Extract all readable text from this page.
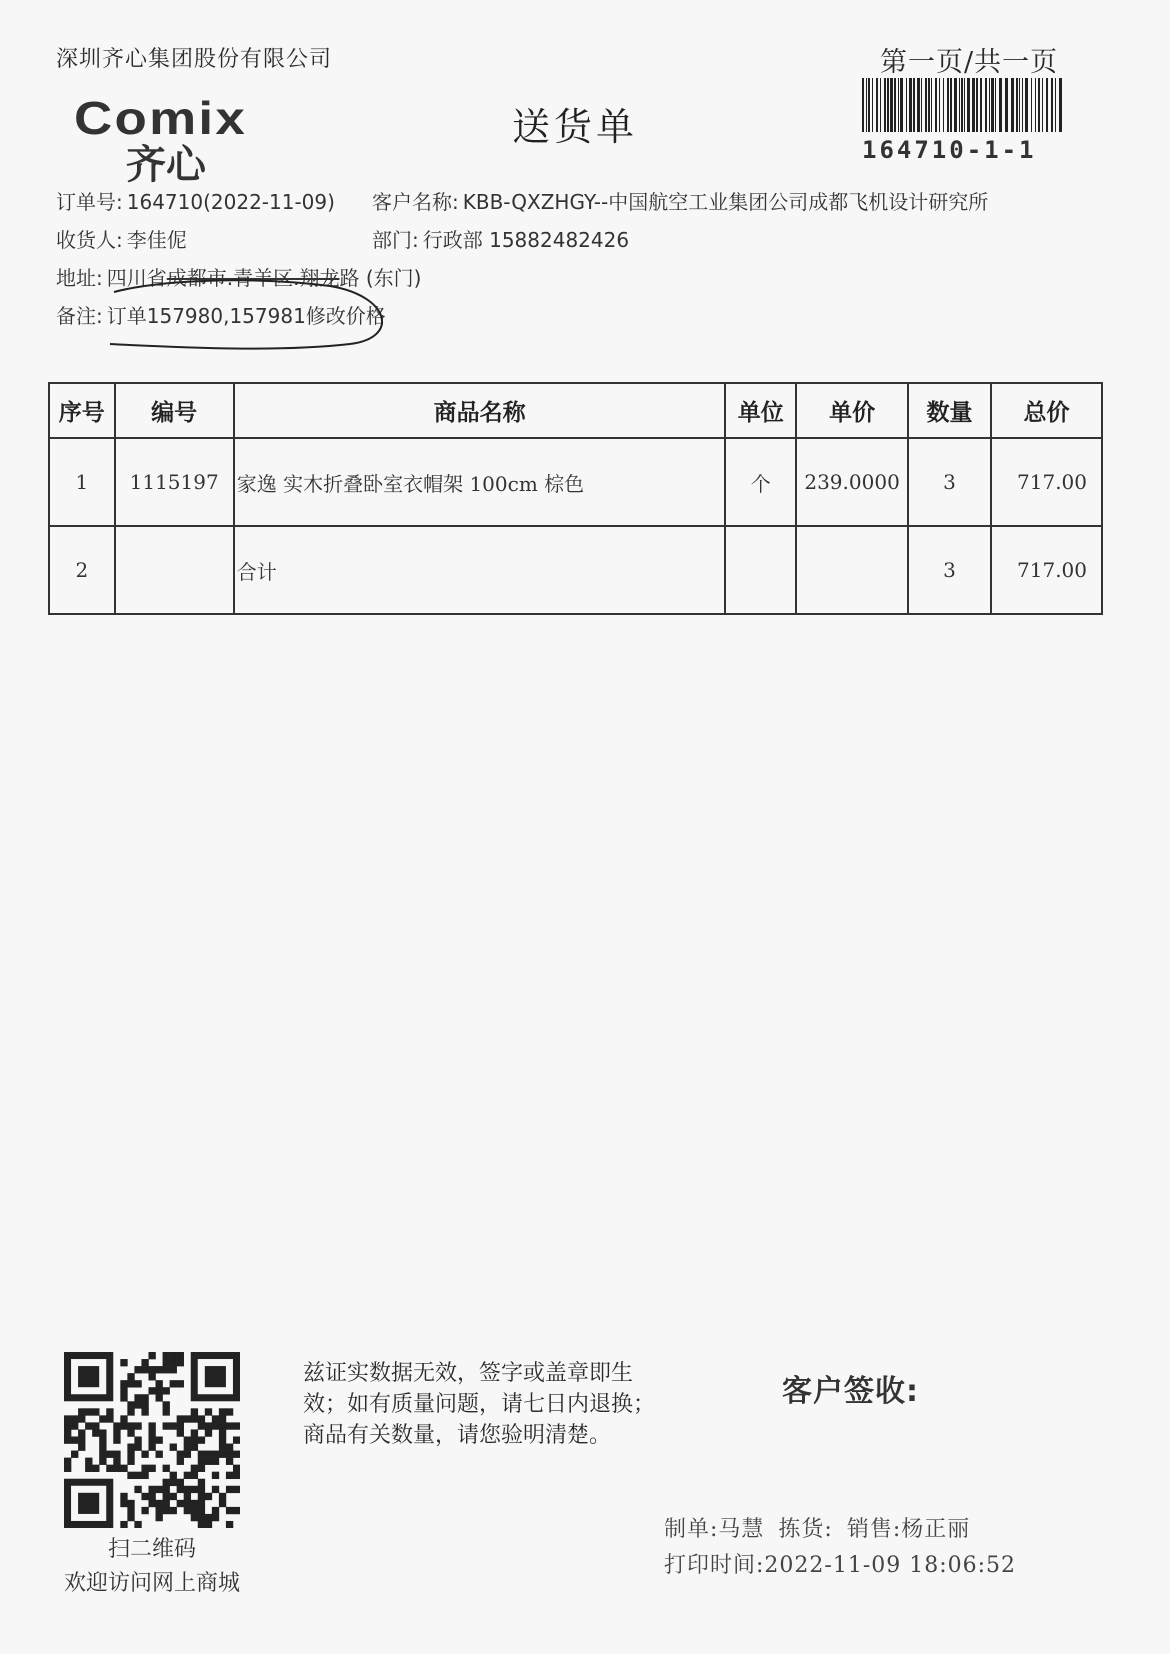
深圳齐心集团股份有限公司	第一页/共一页
Comix
齐心
送货单
164710-1-1
订单号: 164710(2022-11-09) 客户名称: KBB-QXZHGY--中国航空工业集团公司成都飞机设计研究所
收货人: 李佳伲	部门: 行政部 15882482426
地址: 四川省成都市.青羊区.翔龙路 (东门)
备注: 订单157980,157981修改价格
序号	编号	商品名称	单位	单价	数量	总价
1	1115197	家逸 实木折叠卧室衣帽架 100cm 棕色	个	239.0000	3	717.00
2		合计			3	717.00
扫二维码
欢迎访问网上商城
兹证实数据无效，签字或盖章即生
效；如有质量问题，请七日内退换；
商品有关数量，请您验明清楚。
客户签收:
制单:马慧 拣货: 销售:杨正丽
打印时间:2022-11-09 18:06:52
